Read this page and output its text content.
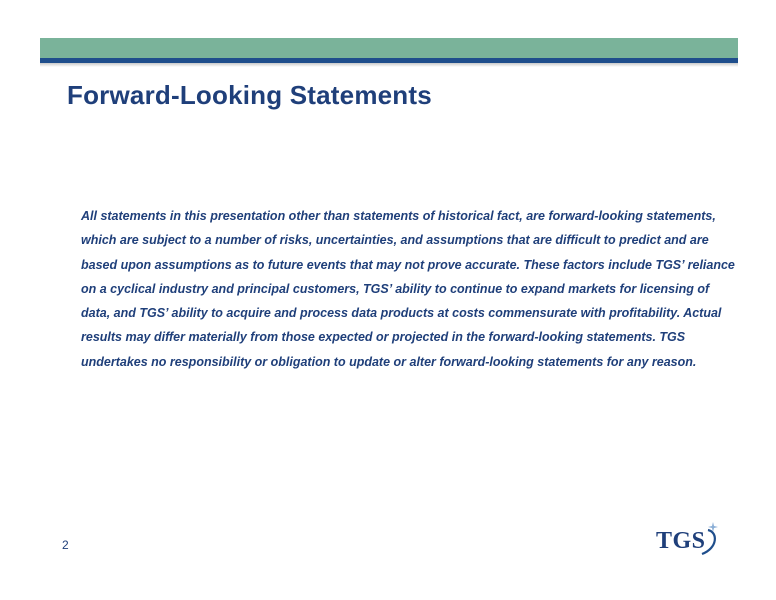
Forward-Looking Statements

All statements in this presentation other than statements of historical fact, are forward-looking statements, which are subject to a number of risks, uncertainties, and assumptions that are difficult to predict and are based upon assumptions as to future events that may not prove accurate. These factors include TGS’ reliance on a cyclical industry and principal customers, TGS’ ability to continue to expand markets for licensing of data, and TGS’ ability to acquire and process data products at costs commensurate with profitability. Actual results may differ materially from those expected or projected in the forward-looking statements. TGS undertakes no responsibility or obligation to update or alter forward-looking statements for any reason.

2	TGS
